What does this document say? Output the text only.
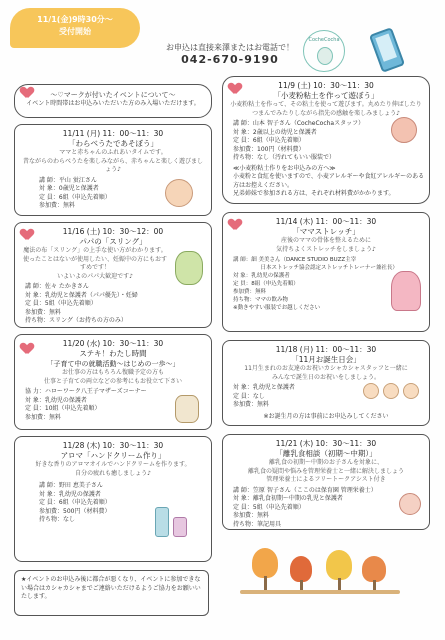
11/1(金)9時30分〜
受付開始
お申込は直接来澤またはお電話で！
042-670-9190
CocheCocha
〜♡マークが付いたイベントについて〜
イベント時間帯はお申込みいただいた方のみ入場いただけます。
11/11 (月) 11：00〜11：30
「わらべうたであそぼう」
ママと赤ちゃんのふれあいタイムです。
昔ながらのわらべうたを楽しみながら、赤ちゃんと楽しく遊びましょう♪
講 師：平山 蛍江さん
対 象：0歳児と保護者
定 員：6組（申込先着順）
参加費：無料
11/16 (土) 10：30〜12：00
パパの「スリング」
魔法の布「スリング」の上手な使い方がわかります。
使ったことはないが使用したい、妊娠中の方にもおすすめです！
いよいよのパパ大歓迎です♪
講 師：佐々 たかきさん
対 象：乳幼児と保護者（パパ優先）・妊婦
定 員：5組（申込先着順）
参加費：無料
持ち物：スリング（お持ちの方のみ）
11/20 (水) 10：30〜11：30
ステキ！わたし時間
「子育て中の就職活動〜はじめの一歩〜」
お仕事の方はもちろん復職予定の方も
仕事と子育ての両立などの参考にもお役立て下さい
協 力：ハローワーク八王子マザーズコーナー
対 象：乳幼児の保護者
定 員：10組（申込先着順）
参加費：無料
11/28 (木) 10：30〜11：30
アロマ「ハンドクリーム作り」
好きな香りのアロマオイルでハンドクリームを作ります。
自分の疲れも癒しましょう♪
講 師：野田 恵美子さん
対 象：乳幼児の保護者
定 員：6組（申込先着順）
参加費：500円（材料費）
持ち物：なし
11/9 (土) 10：30〜11：30
「小麦粉粘土を作って遊ぼう」
小麦粉粘土を作って、その粘土を使って遊びます。丸めたり伸ばしたり
つまんでみたりしながら指先の感触を楽しみましょう♪
講 師：山本 智子さん（CocheCochaスタッフ）
対 象：2歳以上の幼児と保護者
定 員：6組（申込先着順）
参加費：100円（材料費）
持ち物：なし（汚れてもいい服装で）
≪小麦粉粘土作りをお申込みの方へ≫
小麦粉と食紅を使いますので、小麦アレルギーや食紅アレルギーのある
方はお控えください。
兄弟姉妹で参加される方は、それぞれ材料費がかかります。
11/14 (木) 11：00〜11：30
「ママストレッチ」
産後のママの骨体を整えるために
気持ちよくストレッチをしましょう♪
講 師：細 美美さん（DANCE STUDIO BUZZ主宰
　　　　　日本ストレッチ協会認定ストレッチトレーナー兼社長）
対 象：乳幼児の保護者
定 員：8組（申込先着順）
参加費：無料
持ち物：ママの飲み物
※動きやすい服装でお越しください
11/18 (月) 11：00〜11：30
「11月お誕生日会」
11月生まれのお友達のお祝いカシャカシャスタッフと一緒に
みんなで誕生日のお祝いをしましょう。
対 象：乳幼児と保護者
定 員：なし
参加費：無料
※お誕生月の方は事前にお申込みしてください
11/21 (木) 10：30〜11：30
「離乳食相談（初期〜中期）」
離乳食の初期〜中期のお子さんを対象に、
離乳食の疑問や悩みを管理栄養士と一緒に解決しましょう
管理栄養士によるフリートークアシスト付き
講 師：笠原 智子さん（ここのは保育園 管理栄養士）
対 象：離乳食初期〜中期の乳児と保護者
定 員：5組（申込先着順）
参加費：無料
持ち物：筆記用具
★イベントのお申込み後に都合が悪くなり、イベントに参加できない場合はカシャカシャまでご連絡いただけるようご協力をお願いいたします。
